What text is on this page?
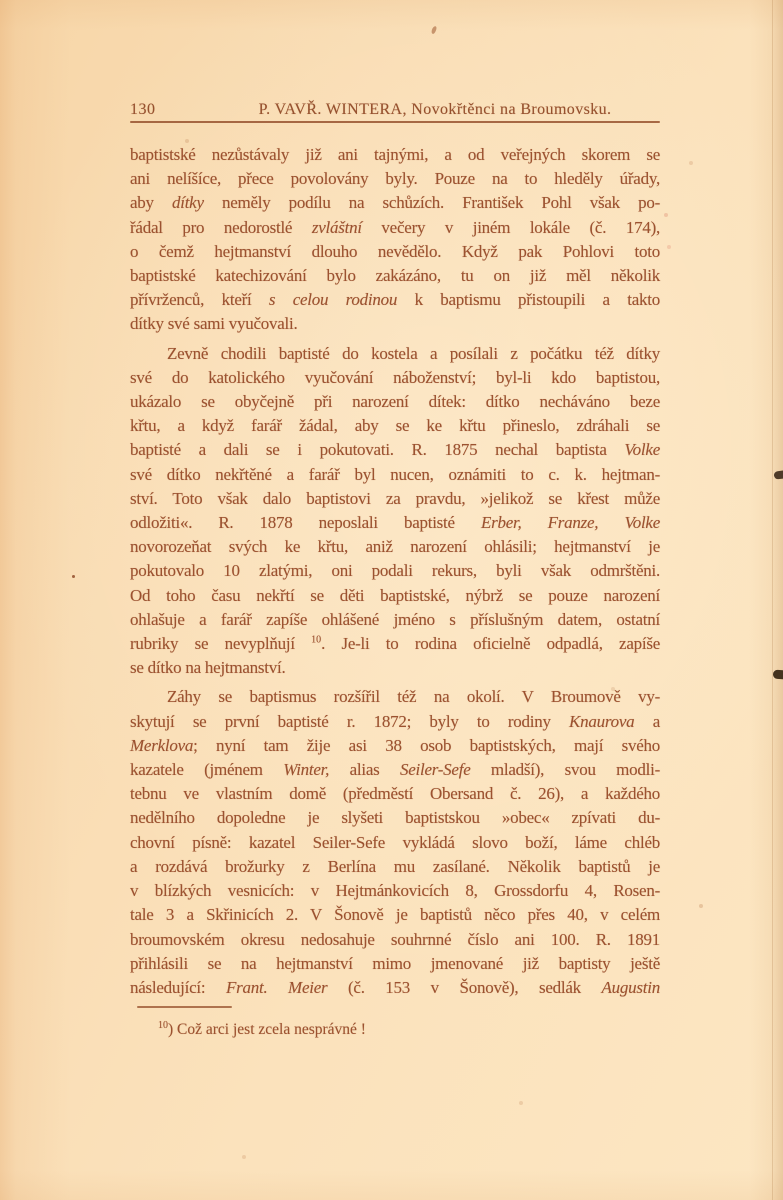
130	P. VAVŘ. WINTERA, Novokřtěnci na Broumovsku.
baptistské nezůstávaly již ani tajnými, a od veřejných skorem se
ani nelíšíce, přece povolovány byly. Pouze na to hleděly úřady,
aby dítky neměly podílu na schůzích. František Pohl však po-
řádal pro nedorostlé zvláštní večery v jiném lokále (č. 174),
o čemž hejtmanství dlouho nevědělo. Když pak Pohlovi toto
baptistské katechizování bylo zakázáno, tu on již měl několik
přívrženců, kteří s celou rodinou k baptismu přistoupili a takto
dítky své sami vyučovali.
Zevně chodili baptisté do kostela a posílali z počátku též dítky
své do katolického vyučování náboženství; byl-li kdo baptistou,
ukázalo se obyčejně při narození dítek: dítko necháváno beze
křtu, a když farář žádal, aby se ke křtu přineslo, zdráhali se
baptisté a dali se i pokutovati. R. 1875 nechal baptista Volke
své dítko nekřtěné a farář byl nucen, oznámiti to c. k. hejtman-
ství. Toto však dalo baptistovi za pravdu, »jelikož se křest může
odložiti«. R. 1878 neposlali baptisté Erber, Franze, Volke
novorozeňat svých ke křtu, aniž narození ohlásili; hejtmanství je
pokutovalo 10 zlatými, oni podali rekurs, byli však odmrštěni.
Od toho času nekřtí se děti baptistské, nýbrž se pouze narození
ohlašuje a farář zapíše ohlášené jméno s příslušným datem, ostatní
rubriky se nevyplňují $^{10}$. Je-li to rodina oficielně odpadlá, zapíše
se dítko na hejtmanství.
Záhy se baptismus rozšířil též na okolí. V Broumově vy-
skytují se první baptisté r. 1872; byly to rodiny Knaurova a
Merklova; nyní tam žije asi 38 osob baptistských, mají svého
kazatele (jménem Winter, alias Seiler-Sefe mladší), svou modli-
tebnu ve vlastním domě (předměstí Obersand č. 26), a každého
nedělního dopoledne je slyšeti baptistskou »obec« zpívati du-
chovní písně: kazatel Seiler-Sefe vykládá slovo boží, láme chléb
a rozdává brožurky z Berlína mu zasílané. Několik baptistů je
v blízkých vesnicích: v Hejtmánkovicích 8, Grossdorfu 4, Rosen-
tale 3 a Skřinicích 2. V Šonově je baptistů něco přes 40, v celém
broumovském okresu nedosahuje souhrnné číslo ani 100. R. 1891
přihlásili se na hejtmanství mimo jmenované již baptisty ještě
následující: Frant. Meier (č. 153 v Šonově), sedlák Augustin
$^{10}$) Což arci jest zcela nesprávné !
